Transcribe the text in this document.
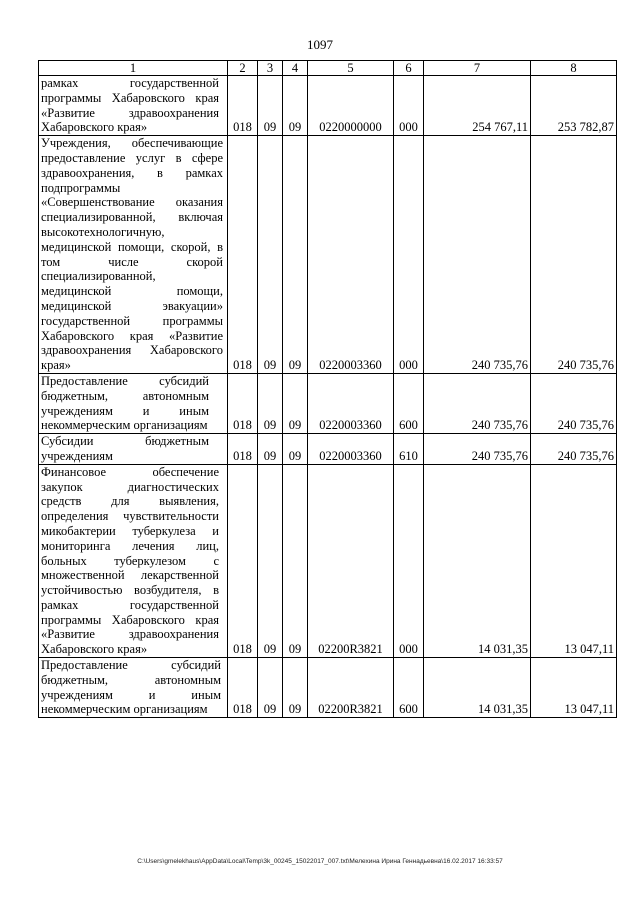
1097
1	2	3	4	5	6	7	8

рамках государственной программы Хабаровского края «Развитие здравоохранения Хабаровского края»	018	09	09	0220000000	000	254 767,11	253 782,87

Учреждения, обеспечивающие предоставление услуг в сфере здравоохранения, в рамках подпрограммы «Совершенствование оказания специализированной, включая высокотехнологичную, медицинской помощи, скорой, в том числе скорой специализированной, медицинской помощи, медицинской эвакуации» государственной программы Хабаровского края «Развитие здравоохранения Хабаровского края»	018	09	09	0220003360	000	240 735,76	240 735,76

Предоставление субсидий бюджетным, автономным учреждениям и иным некоммерческим организациям	018	09	09	0220003360	600	240 735,76	240 735,76

Субсидии бюджетным учреждениям	018	09	09	0220003360	610	240 735,76	240 735,76

Финансовое обеспечение закупок диагностических средств для выявления, определения чувствительности микобактерии туберкулеза и мониторинга лечения лиц, больных туберкулезом с множественной лекарственной устойчивостью возбудителя, в рамках государственной программы Хабаровского края «Развитие здравоохранения Хабаровского края»	018	09	09	02200R3821	000	14 031,35	13 047,11

Предоставление субсидий бюджетным, автономным учреждениям и иным некоммерческим организациям	018	09	09	02200R3821	600	14 031,35	13 047,11
C:\Users\gmelekhaus\AppData\Local\Temp\3k_00245_15022017_007.txt\Мелехина Ирина Геннадьевна\16.02.2017 16:33:57
